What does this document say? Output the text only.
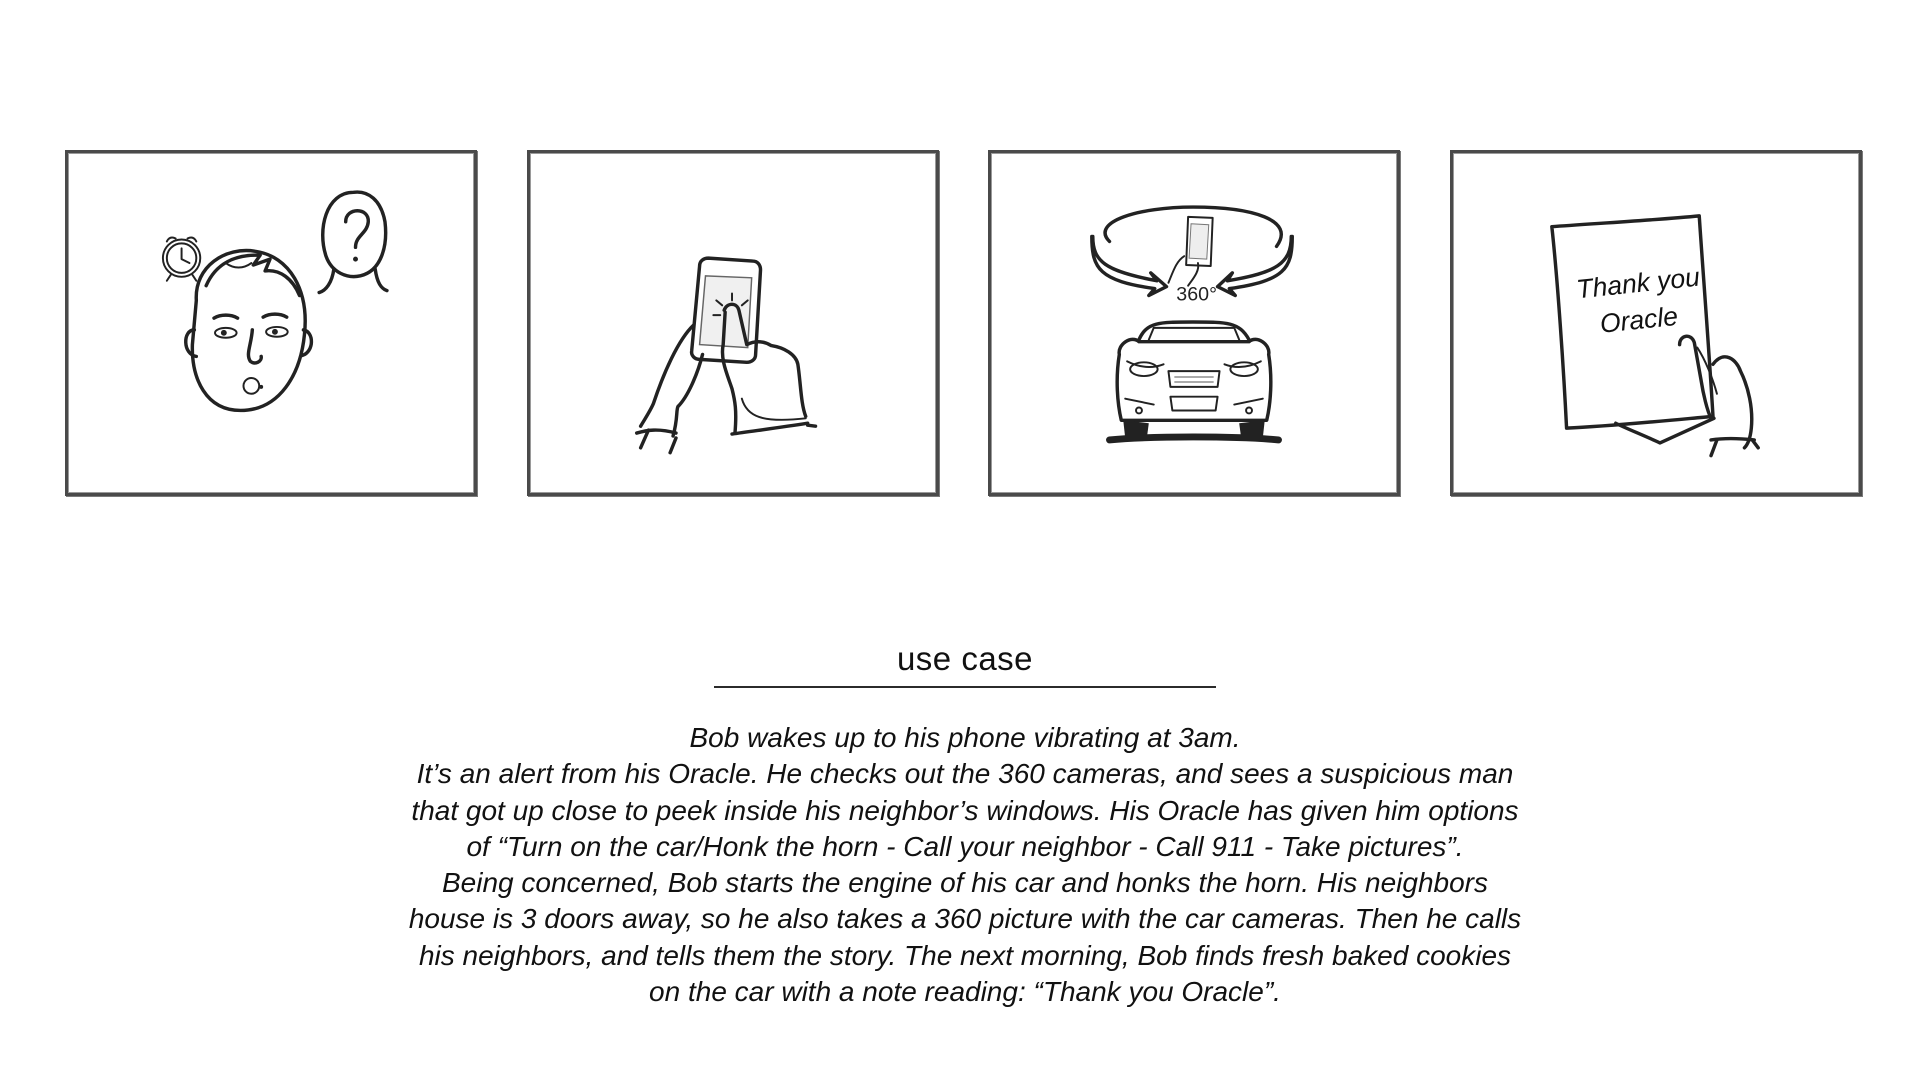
360°	Thank you
Oracle
use case
Bob wakes up to his phone vibrating at 3am.
It’s an alert from his Oracle. He checks out the 360 cameras, and sees a suspicious man
that got up close to peek inside his neighbor’s windows. His Oracle has given him options
of “Turn on the car/Honk the horn - Call your neighbor - Call 911 - Take pictures”.
Being concerned, Bob starts the engine of his car and honks the horn. His neighbors
house is 3 doors away, so he also takes a 360 picture with the car cameras. Then he calls
his neighbors, and tells them the story. The next morning, Bob finds fresh baked cookies
on the car with a note reading: “Thank you Oracle”.
